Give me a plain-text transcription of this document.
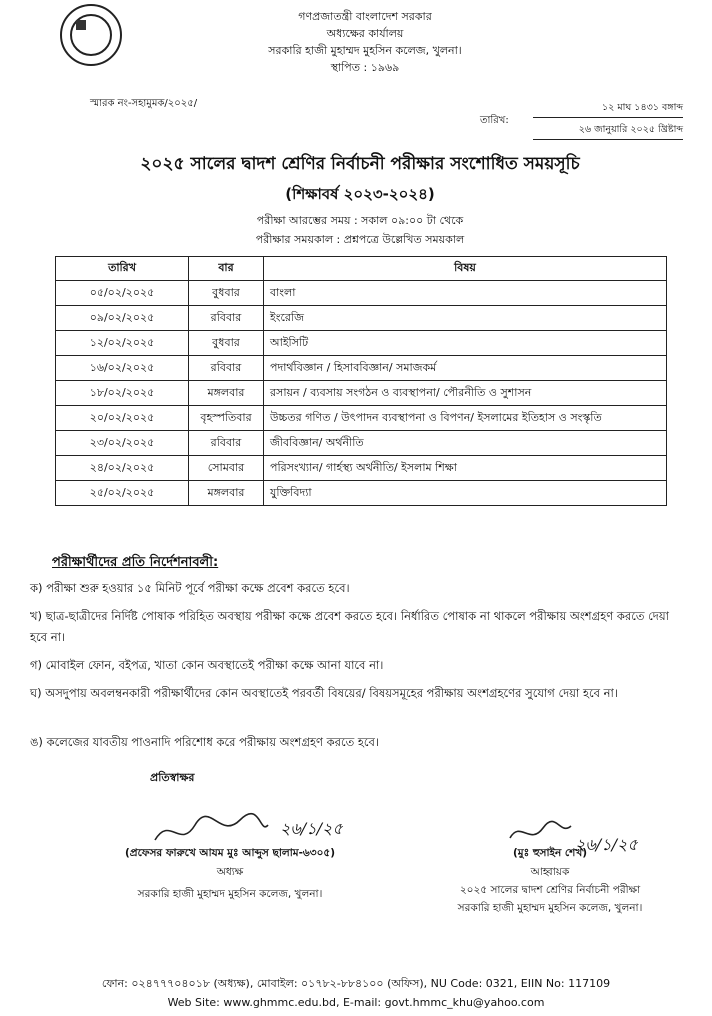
গণপ্রজাতন্ত্রী বাংলাদেশ সরকার
অধ্যক্ষের কার্যালয়
সরকারি হাজী মুহাম্মদ মুহসিন কলেজ, খুলনা।
স্থাপিত : ১৯৬৯
স্মারক নং-সহামুমক/২০২৫/
তারিখ:
১২ মাঘ ১৪৩১ বঙ্গাব্দ
২৬ জানুয়ারি ২০২৫ খ্রিষ্টাব্দ
২০২৫ সালের দ্বাদশ শ্রেণির নির্বাচনী পরীক্ষার সংশোধিত সময়সূচি
(শিক্ষাবর্ষ ২০২৩-২০২৪)
পরীক্ষা আরম্ভের সময় : সকাল ০৯:০০ টা থেকে
পরীক্ষার সময়কাল : প্রশ্নপত্রে উল্লেখিত সময়কাল
তারিখ	বার	বিষয়
০৫/০২/২০২৫	বুধবার	বাংলা
০৯/০২/২০২৫	রবিবার	ইংরেজি
১২/০২/২০২৫	বুধবার	আইসিটি
১৬/০২/২০২৫	রবিবার	পদার্থবিজ্ঞান / হিসাববিজ্ঞান/ সমাজকর্ম
১৮/০২/২০২৫	মঙ্গলবার	রসায়ন / ব্যবসায় সংগঠন ও ব্যবস্থাপনা/ পৌরনীতি ও সুশাসন
২০/০২/২০২৫	বৃহস্পতিবার	উচ্চতর গণিত / উৎপাদন ব্যবস্থাপনা ও বিপণন/ ইসলামের ইতিহাস ও সংস্কৃতি
২৩/০২/২০২৫	রবিবার	জীববিজ্ঞান/ অর্থনীতি
২৪/০২/২০২৫	সোমবার	পরিসংখ্যান/ গার্হস্থ্য অর্থনীতি/ ইসলাম শিক্ষা
২৫/০২/২০২৫	মঙ্গলবার	যুক্তিবিদ্যা
পরীক্ষার্থীদের প্রতি নির্দেশনাবলী:
ক) পরীক্ষা শুরু হওয়ার ১৫ মিনিট পূর্বে পরীক্ষা কক্ষে প্রবেশ করতে হবে।
খ) ছাত্র-ছাত্রীদের নির্দিষ্ট পোষাক পরিহিত অবস্থায় পরীক্ষা কক্ষে প্রবেশ করতে হবে। নির্ধারিত পোষাক না থাকলে পরীক্ষায় অংশগ্রহণ করতে দেয়া হবে না।
গ) মোবাইল ফোন, বইপত্র, খাতা কোন অবস্থাতেই পরীক্ষা কক্ষে আনা যাবে না।
ঘ) অসদুপায় অবলম্বনকারী পরীক্ষার্থীদের কোন অবস্থাতেই পরবর্তী বিষয়ের/ বিষয়সমূহের পরীক্ষায় অংশগ্রহণের সুযোগ দেয়া হবে না।
ঙ) কলেজের যাবতীয় পাওনাদি পরিশোধ করে পরীক্ষায় অংশগ্রহণ করতে হবে।
প্রতিস্বাক্ষর
২৬/১/২৫
(প্রফেসর ফারুখে আযম মুঃ আব্দুস ছালাম-৬৩০৫)
অধ্যক্ষ
সরকারি হাজী মুহাম্মদ মুহসিন কলেজ, খুলনা।
২৬/১/২৫
(মুঃ হুসাইন শেখ)
আহ্বায়ক
২০২৫ সালের দ্বাদশ শ্রেণির নির্বাচনী পরীক্ষা
সরকারি হাজী মুহাম্মদ মুহসিন কলেজ, খুলনা।
ফোন: ০২৪৭৭৭০৪০১৮ (অধ্যক্ষ), মোবাইল: ০১৭৮২-৮৮৪১০০ (অফিস), NU Code: 0321, EIIN No: 117109
Web Site: www.ghmmc.edu.bd, E-mail: govt.hmmc_khu@yahoo.com
